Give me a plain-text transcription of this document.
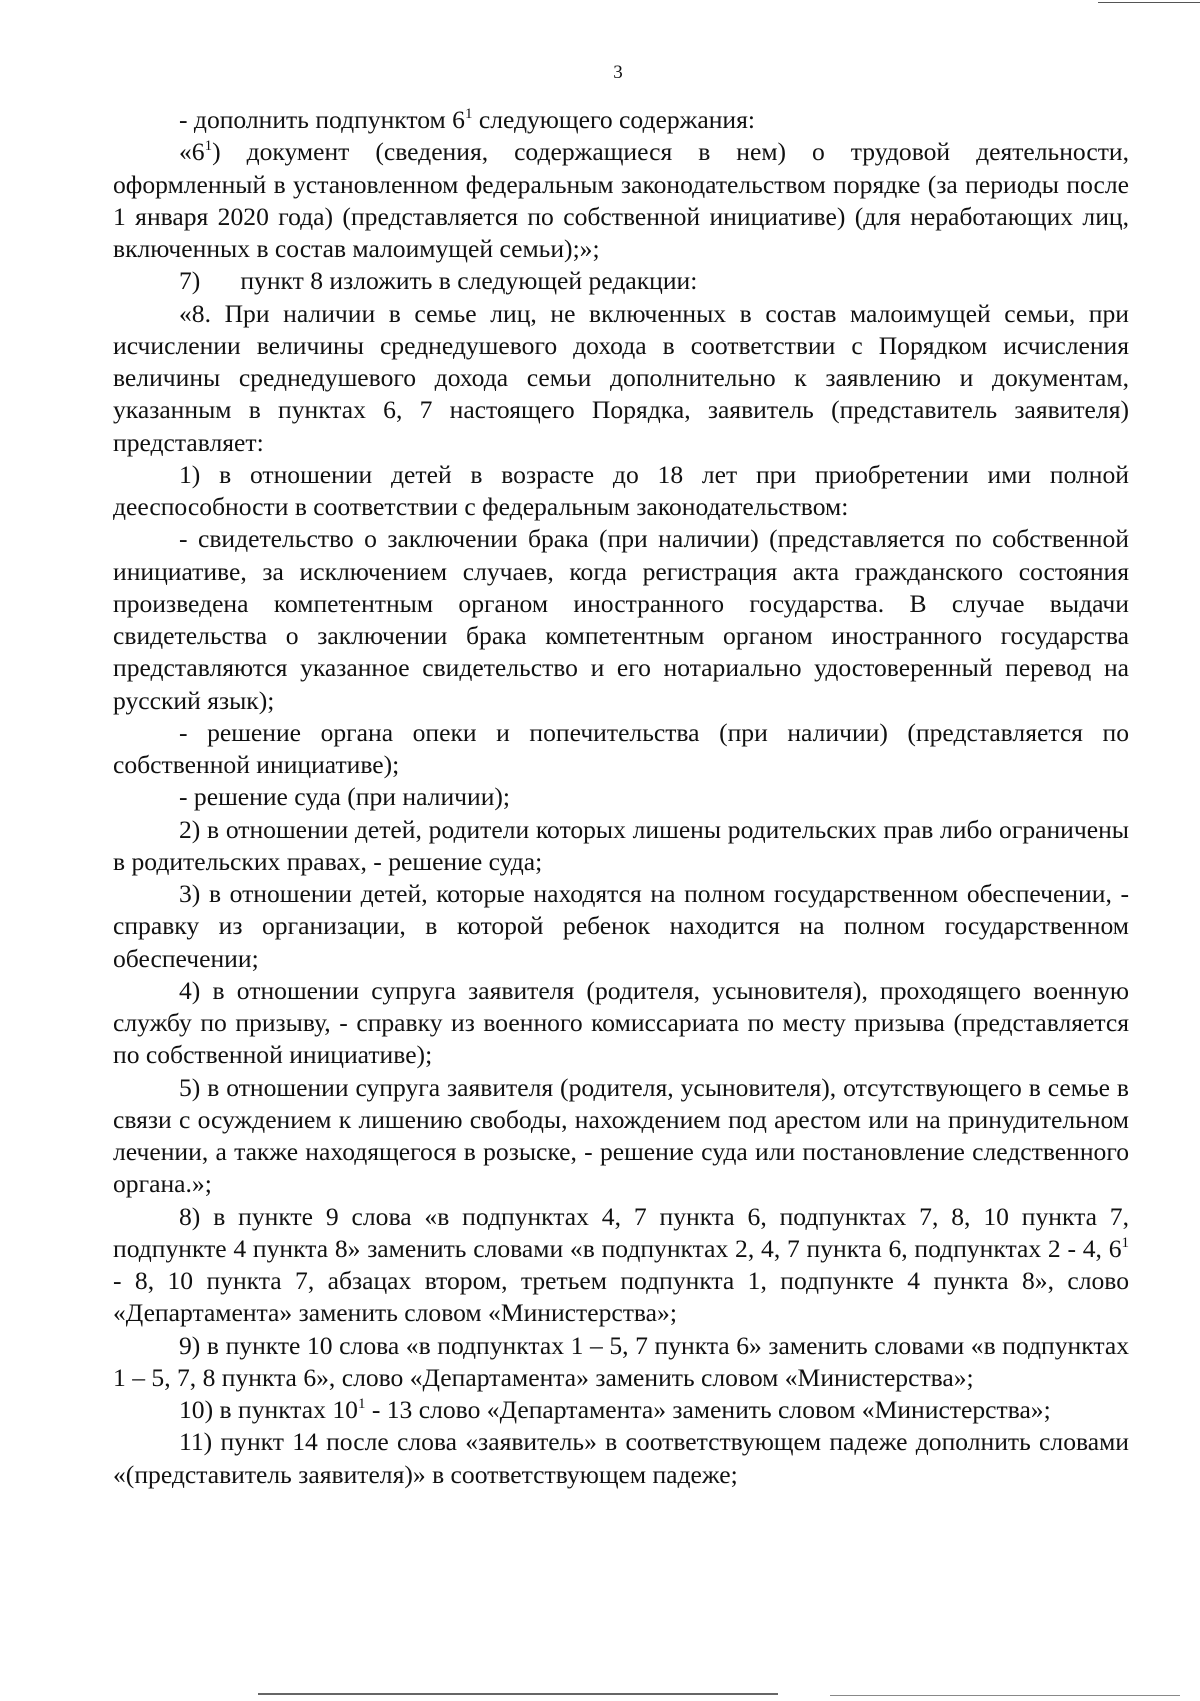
3

- дополнить подпунктом $6^1$ следующего содержания:

«$6^1$) документ (сведения, содержащиеся в нем) о трудовой деятельности, оформленный в установленном федеральным законодательством порядке (за периоды после 1 января 2020 года) (представляется по собственной инициативе) (для неработающих лиц, включенных в состав малоимущей семьи);»;

7) пункт 8 изложить в следующей редакции:

«8. При наличии в семье лиц, не включенных в состав малоимущей семьи, при исчислении величины среднедушевого дохода в соответствии с Порядком исчисления величины среднедушевого дохода семьи дополнительно к заявлению и документам, указанным в пунктах 6, 7 настоящего Порядка, заявитель (представитель заявителя) представляет:

1) в отношении детей в возрасте до 18 лет при приобретении ими полной дееспособности в соответствии с федеральным законодательством:

- свидетельство о заключении брака (при наличии) (представляется по собственной инициативе, за исключением случаев, когда регистрация акта гражданского состояния произведена компетентным органом иностранного государства. В случае выдачи свидетельства о заключении брака компетентным органом иностранного государства представляются указанное свидетельство и его нотариально удостоверенный перевод на русский язык);

- решение органа опеки и попечительства (при наличии) (представляется по собственной инициативе);

- решение суда (при наличии);

2) в отношении детей, родители которых лишены родительских прав либо ограничены в родительских правах, - решение суда;

3) в отношении детей, которые находятся на полном государственном обеспечении, - справку из организации, в которой ребенок находится на полном государственном обеспечении;

4) в отношении супруга заявителя (родителя, усыновителя), проходящего военную службу по призыву, - справку из военного комиссариата по месту призыва (представляется по собственной инициативе);

5) в отношении супруга заявителя (родителя, усыновителя), отсутствующего в семье в связи с осуждением к лишению свободы, нахождением под арестом или на принудительном лечении, а также находящегося в розыске, - решение суда или постановление следственного органа.»;

8) в пункте 9 слова «в подпунктах 4, 7 пункта 6, подпунктах 7, 8, 10 пункта 7, подпункте 4 пункта 8» заменить словами «в подпунктах 2, 4, 7 пункта 6, подпунктах 2 - 4, $6^1 - 8$, 10 пункта 7, абзацах втором, третьем подпункта 1, подпункте 4 пункта 8», слово «Департамента» заменить словом «Министерства»;

9) в пункте 10 слова «в подпунктах 1 – 5, 7 пункта 6» заменить словами «в подпунктах 1 – 5, 7, 8 пункта 6», слово «Департамента» заменить словом «Министерства»;

10) в пунктах $10^1 - 13$ слово «Департамента» заменить словом «Министерства»;

11) пункт 14 после слова «заявитель» в соответствующем падеже дополнить словами «(представитель заявителя)» в соответствующем падеже;
